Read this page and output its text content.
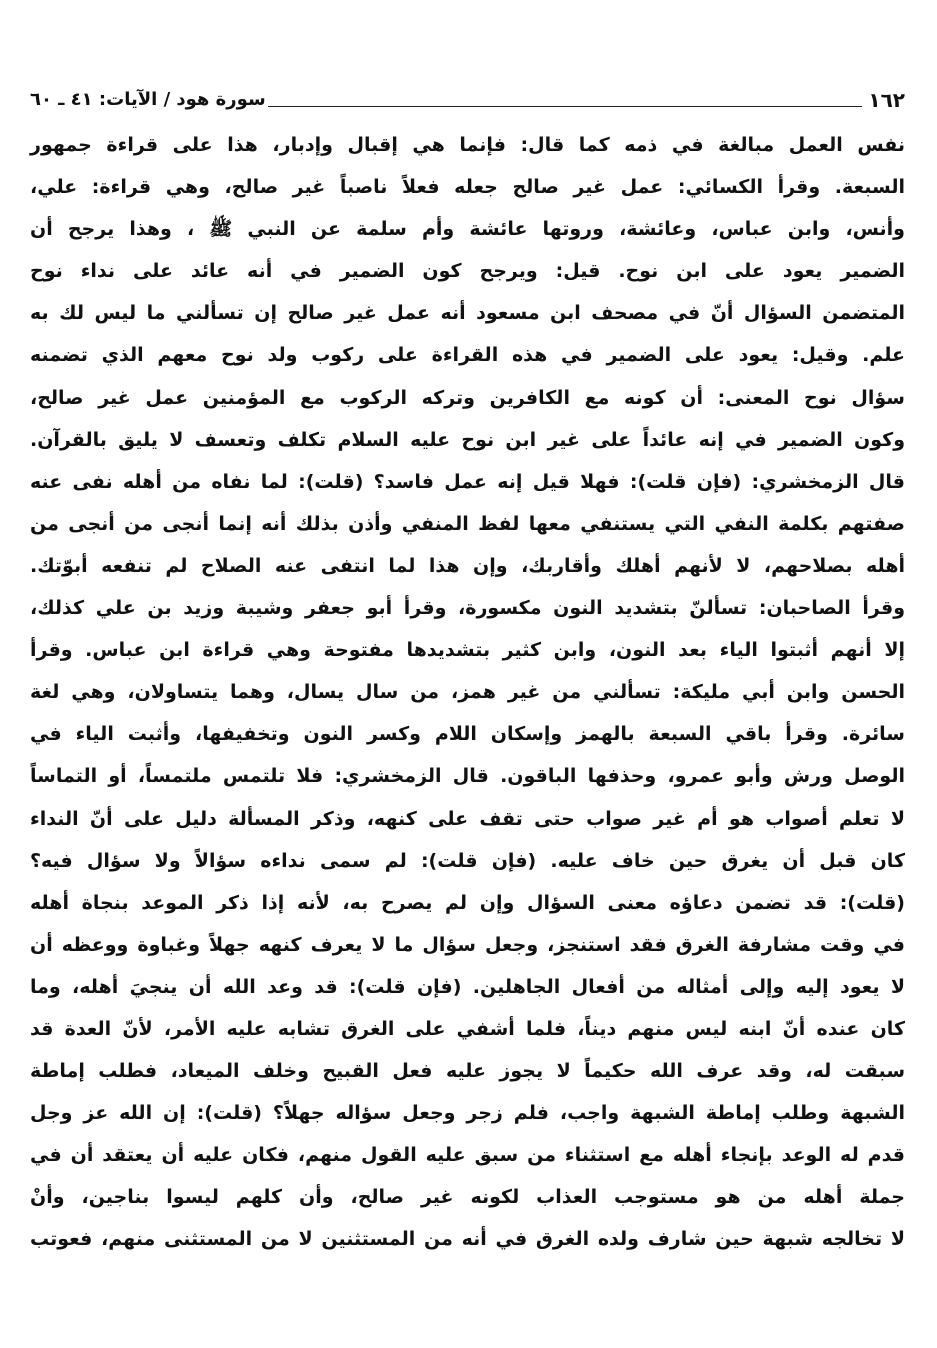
١٦٢
سورة هود / الآيات: ٤١ ـ ٦٠
نفس العمل مبالغة في ذمه كما قال: فإنما هي إقبال وإدبار، هذا على قراءة جمهور
السبعة. وقرأ الكسائي: عمل غير صالح جعله فعلاً ناصباً غير صالح، وهي قراءة: علي،
وأنس، وابن عباس، وعائشة، وروتها عائشة وأم سلمة عن النبي ﷺ ، وهذا يرجح أن
الضمير يعود على ابن نوح. قيل: ويرجح كون الضمير في أنه عائد على نداء نوح
المتضمن السؤال أنّ في مصحف ابن مسعود أنه عمل غير صالح إن تسألني ما ليس لك به
علم. وقيل: يعود على الضمير في هذه القراءة على ركوب ولد نوح معهم الذي تضمنه
سؤال نوح المعنى: أن كونه مع الكافرين وتركه الركوب مع المؤمنين عمل غير صالح،
وكون الضمير في إنه عائداً على غير ابن نوح عليه السلام تكلف وتعسف لا يليق بالقرآن.
قال الزمخشري: (فإن قلت): فهلا قيل إنه عمل فاسد؟ (قلت): لما نفاه من أهله نفى عنه
صفتهم بكلمة النفي التي يستنفي معها لفظ المنفي وأذن بذلك أنه إنما أنجى من أنجى من
أهله بصلاحهم، لا لأنهم أهلك وأقاربك، وإن هذا لما انتفى عنه الصلاح لم تنفعه أبوّتك.
وقرأ الصاحبان: تسألنّ بتشديد النون مكسورة، وقرأ أبو جعفر وشيبة وزيد بن علي كذلك،
إلا أنهم أثبتوا الياء بعد النون، وابن كثير بتشديدها مفتوحة وهي قراءة ابن عباس. وقرأ
الحسن وابن أبي مليكة: تسألني من غير همز، من سال يسال، وهما يتساولان، وهي لغة
سائرة. وقرأ باقي السبعة بالهمز وإسكان اللام وكسر النون وتخفيفها، وأثبت الياء في
الوصل ورش وأبو عمرو، وحذفها الباقون. قال الزمخشري: فلا تلتمس ملتمساً، أو التماساً
لا تعلم أصواب هو أم غير صواب حتى تقف على كنهه، وذكر المسألة دليل على أنّ النداء
كان قبل أن يغرق حين خاف عليه. (فإن قلت): لم سمى نداءه سؤالاً ولا سؤال فيه؟
(قلت): قد تضمن دعاؤه معنى السؤال وإن لم يصرح به، لأنه إذا ذكر الموعد بنجاة أهله
في وقت مشارفة الغرق فقد استنجز، وجعل سؤال ما لا يعرف كنهه جهلاً وغباوة ووعظه أن
لا يعود إليه وإلى أمثاله من أفعال الجاهلين. (فإن قلت): قد وعد الله أن ينجيَ أهله، وما
كان عنده أنّ ابنه ليس منهم ديناً، فلما أشفي على الغرق تشابه عليه الأمر، لأنّ العدة قد
سبقت له، وقد عرف الله حكيماً لا يجوز عليه فعل القبيح وخلف الميعاد، فطلب إماطة
الشبهة وطلب إماطة الشبهة واجب، فلم زجر وجعل سؤاله جهلاً؟ (قلت): إن الله عز وجل
قدم له الوعد بإنجاء أهله مع استثناء من سبق عليه القول منهم، فكان عليه أن يعتقد أن في
جملة أهله من هو مستوجب العذاب لكونه غير صالح، وأن كلهم ليسوا بناجين، وأنْ
لا تخالجه شبهة حين شارف ولده الغرق في أنه من المستثنين لا من المستثنى منهم، فعوتب
